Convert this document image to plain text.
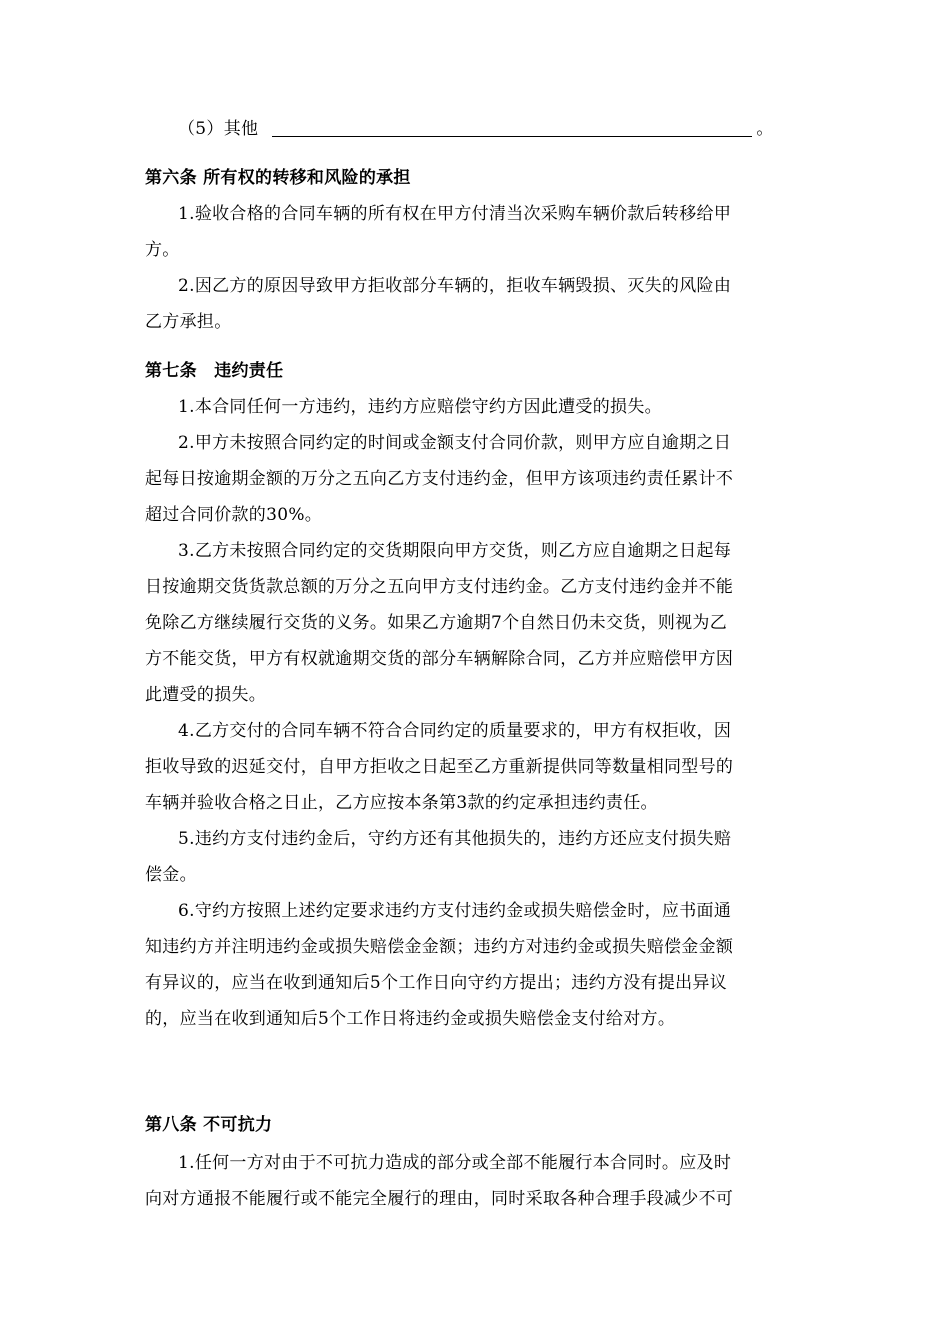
（5）其他	。
第六条 所有权的转移和风险的承担
1.验收合格的合同车辆的所有权在甲方付清当次采购车辆价款后转移给甲
方。
2.因乙方的原因导致甲方拒收部分车辆的，拒收车辆毁损、灭失的风险由
乙方承担。
第七条　违约责任
1.本合同任何一方违约，违约方应赔偿守约方因此遭受的损失。
2.甲方未按照合同约定的时间或金额支付合同价款，则甲方应自逾期之日
起每日按逾期金额的万分之五向乙方支付违约金，但甲方该项违约责任累计不
超过合同价款的30%。
3.乙方未按照合同约定的交货期限向甲方交货，则乙方应自逾期之日起每
日按逾期交货货款总额的万分之五向甲方支付违约金。乙方支付违约金并不能
免除乙方继续履行交货的义务。如果乙方逾期7个自然日仍未交货，则视为乙
方不能交货，甲方有权就逾期交货的部分车辆解除合同，乙方并应赔偿甲方因
此遭受的损失。
4.乙方交付的合同车辆不符合合同约定的质量要求的，甲方有权拒收，因
拒收导致的迟延交付，自甲方拒收之日起至乙方重新提供同等数量相同型号的
车辆并验收合格之日止，乙方应按本条第3款的约定承担违约责任。
5.违约方支付违约金后，守约方还有其他损失的，违约方还应支付损失赔
偿金。
6.守约方按照上述约定要求违约方支付违约金或损失赔偿金时，应书面通
知违约方并注明违约金或损失赔偿金金额；违约方对违约金或损失赔偿金金额
有异议的，应当在收到通知后5个工作日向守约方提出；违约方没有提出异议
的，应当在收到通知后5个工作日将违约金或损失赔偿金支付给对方。
第八条 不可抗力
1.任何一方对由于不可抗力造成的部分或全部不能履行本合同时。应及时
向对方通报不能履行或不能完全履行的理由，同时采取各种合理手段减少不可
